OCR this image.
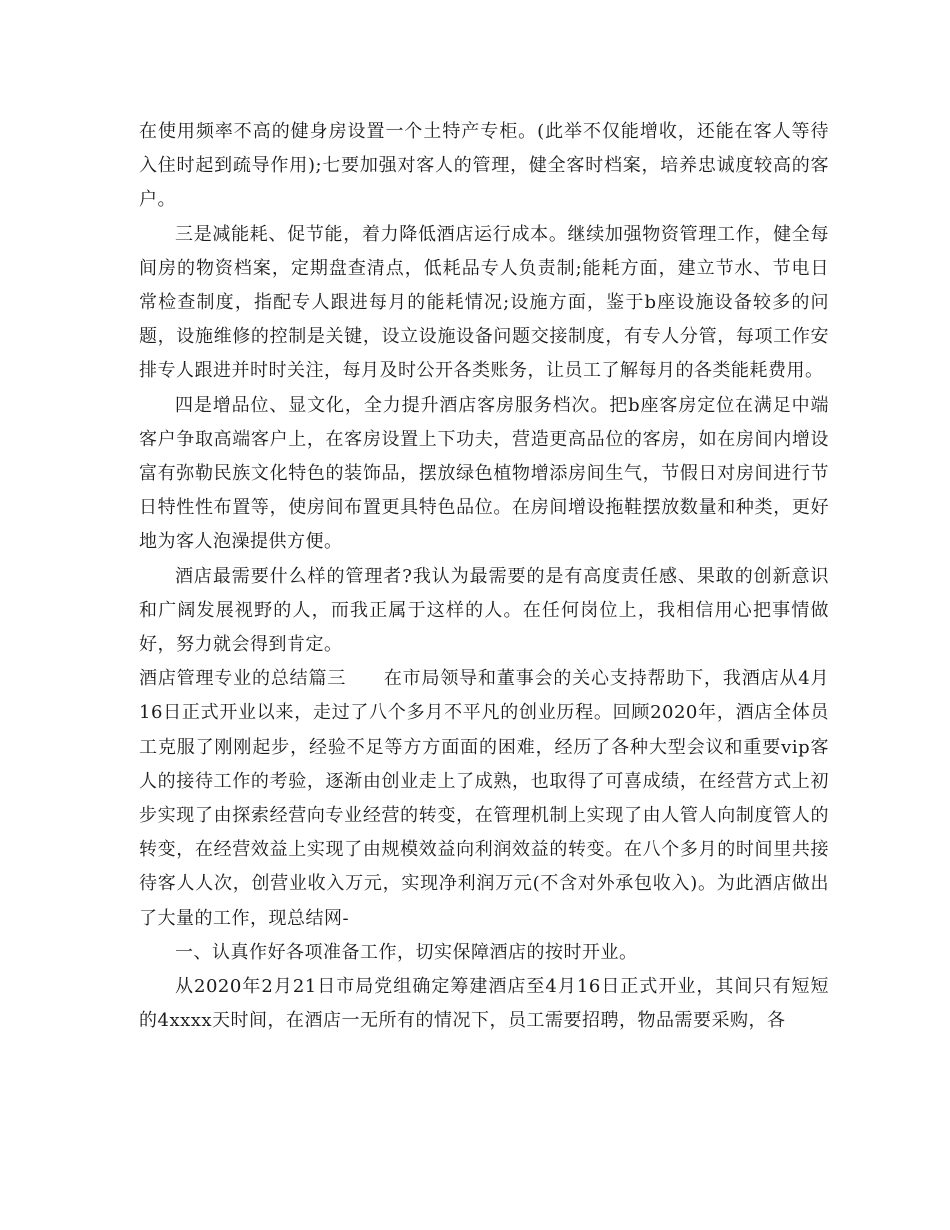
在使用频率不高的健身房设置一个土特产专柜。(此举不仅能增收，还能在客人等待入住时起到疏导作用);七要加强对客人的管理，健全客时档案，培养忠诚度较高的客户。

三是减能耗、促节能，着力降低酒店运行成本。继续加强物资管理工作，健全每间房的物资档案，定期盘查清点，低耗品专人负责制;能耗方面，建立节水、节电日常检查制度，指配专人跟进每月的能耗情况;设施方面，鉴于b座设施设备较多的问题，设施维修的控制是关键，设立设施设备问题交接制度，有专人分管，每项工作安排专人跟进并时时关注，每月及时公开各类账务，让员工了解每月的各类能耗费用。

四是增品位、显文化，全力提升酒店客房服务档次。把b座客房定位在满足中端客户争取高端客户上，在客房设置上下功夫，营造更高品位的客房，如在房间内增设富有弥勒民族文化特色的装饰品，摆放绿色植物增添房间生气，节假日对房间进行节日特性性布置等，使房间布置更具特色品位。在房间增设拖鞋摆放数量和种类，更好地为客人泡澡提供方便。

酒店最需要什么样的管理者?我认为最需要的是有高度责任感、果敢的创新意识和广阔发展视野的人，而我正属于这样的人。在任何岗位上，我相信用心把事情做好，努力就会得到肯定。

酒店管理专业的总结篇三　　在市局领导和董事会的关心支持帮助下，我酒店从4月16日正式开业以来，走过了八个多月不平凡的创业历程。回顾2020年，酒店全体员工克服了刚刚起步，经验不足等方方面面的困难，经历了各种大型会议和重要vip客人的接待工作的考验，逐渐由创业走上了成熟，也取得了可喜成绩，在经营方式上初步实现了由探索经营向专业经营的转变，在管理机制上实现了由人管人向制度管人的转变，在经营效益上实现了由规模效益向利润效益的转变。在八个多月的时间里共接待客人人次，创营业收入万元，实现净利润万元(不含对外承包收入)。为此酒店做出了大量的工作，现总结网-

一、认真作好各项准备工作，切实保障酒店的按时开业。

从2020年2月21日市局党组确定筹建酒店至4月16日正式开业，其间只有短短的4xxxx天时间，在酒店一无所有的情况下，员工需要招聘，物品需要采购，各
